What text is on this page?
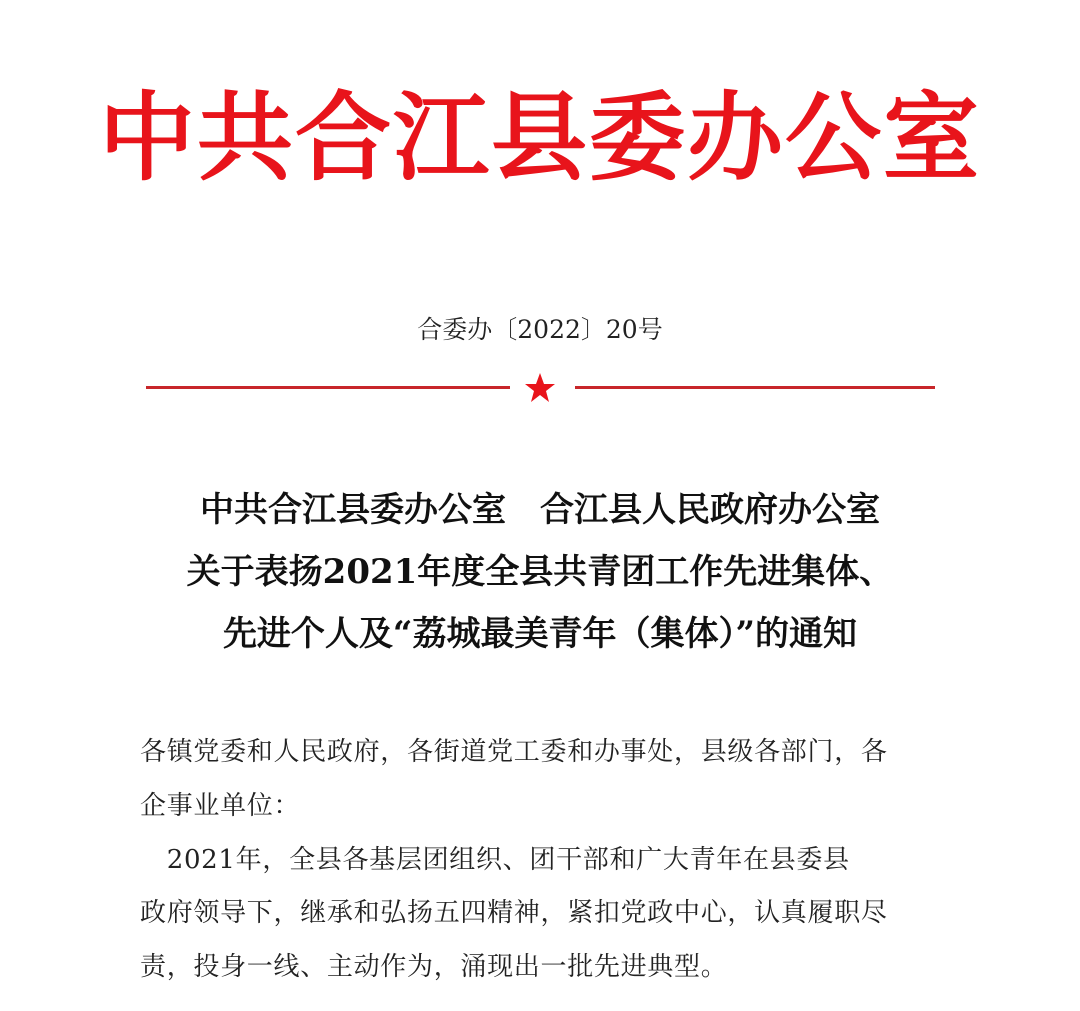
中共合江县委办公室
合委办〔2022〕20号
中共合江县委办公室　合江县人民政府办公室
关于表扬2021年度全县共青团工作先进集体、
先进个人及“荔城最美青年（集体）”的通知
各镇党委和人民政府，各街道党工委和办事处，县级各部门，各
企事业单位：
　2021年，全县各基层团组织、团干部和广大青年在县委县
政府领导下，继承和弘扬五四精神，紧扣党政中心，认真履职尽
责，投身一线、主动作为，涌现出一批先进典型。
